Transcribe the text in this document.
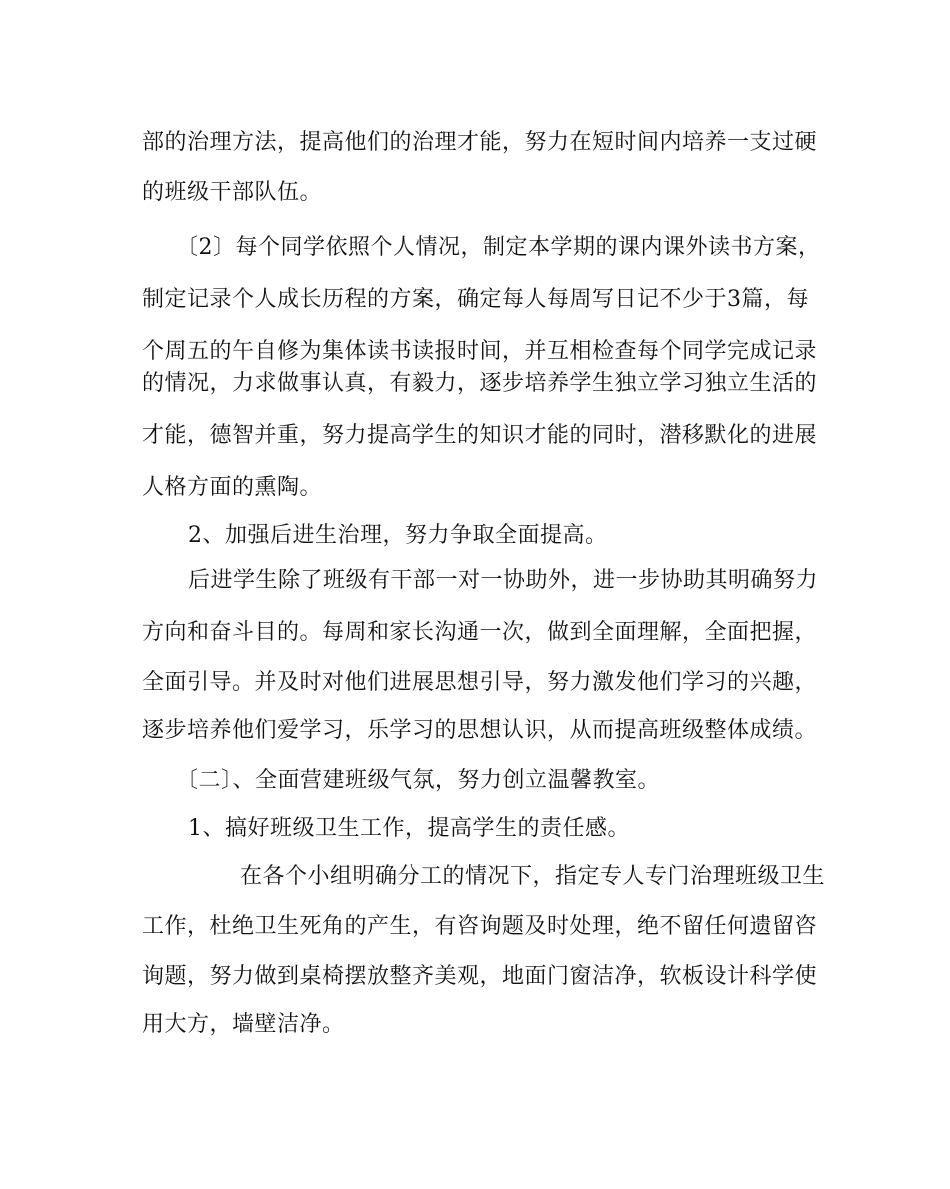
部的治理方法，提高他们的治理才能，努力在短时间内培养一支过硬
的班级干部队伍。
〔2〕每个同学依照个人情况，制定本学期的课内课外读书方案，
制定记录个人成长历程的方案，确定每人每周写日记不少于3篇，每
个周五的午自修为集体读书读报时间，并互相检查每个同学完成记录
的情况，力求做事认真，有毅力，逐步培养学生独立学习独立生活的
才能，德智并重，努力提高学生的知识才能的同时，潜移默化的进展
人格方面的熏陶。
2、加强后进生治理，努力争取全面提高。
后进学生除了班级有干部一对一协助外，进一步协助其明确努力
方向和奋斗目的。每周和家长沟通一次，做到全面理解，全面把握，
全面引导。并及时对他们进展思想引导，努力激发他们学习的兴趣，
逐步培养他们爱学习，乐学习的思想认识，从而提高班级整体成绩。
〔二〕、全面营建班级气氛，努力创立温馨教室。
1、搞好班级卫生工作，提高学生的责任感。
在各个小组明确分工的情况下，指定专人专门治理班级卫生
工作，杜绝卫生死角的产生，有咨询题及时处理，绝不留任何遗留咨
询题，努力做到桌椅摆放整齐美观，地面门窗洁净，软板设计科学使
用大方，墙壁洁净。
